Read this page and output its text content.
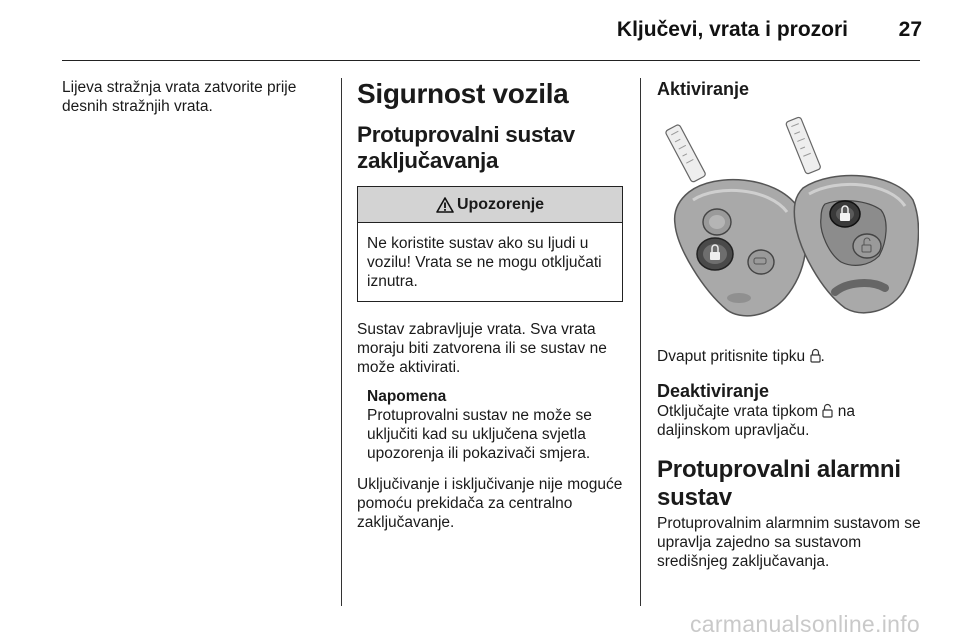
Ključevi, vrata i prozori 27

Lijeva stražnja vrata zatvorite prije desnih stražnjih vrata.	Sigurnost vozila
Protuprovalni sustav zaključavanja
Upozorenje
Ne koristite sustav ako su ljudi u vozilu! Vrata se ne mogu otključati iznutra.

Sustav zabravljuje vrata. Sva vrata moraju biti zatvorena ili se sustav ne može aktivirati.

Napomena
Protuprovalni sustav ne može se uključiti kad su uključena svjetla upozorenja ili pokazivači smjera.

Uključivanje i isključivanje nije moguće pomoću prekidača za centralno zaključavanje.

Aktiviranje

Dvaput pritisnite tipku .

Deaktiviranje

Otključajte vrata tipkom na daljinskom upravljaču.

Protuprovalni alarmni sustav

Protuprovalnim alarmnim sustavom se upravlja zajedno sa sustavom središnjeg zaključavanja.

carmanualsonline.info
